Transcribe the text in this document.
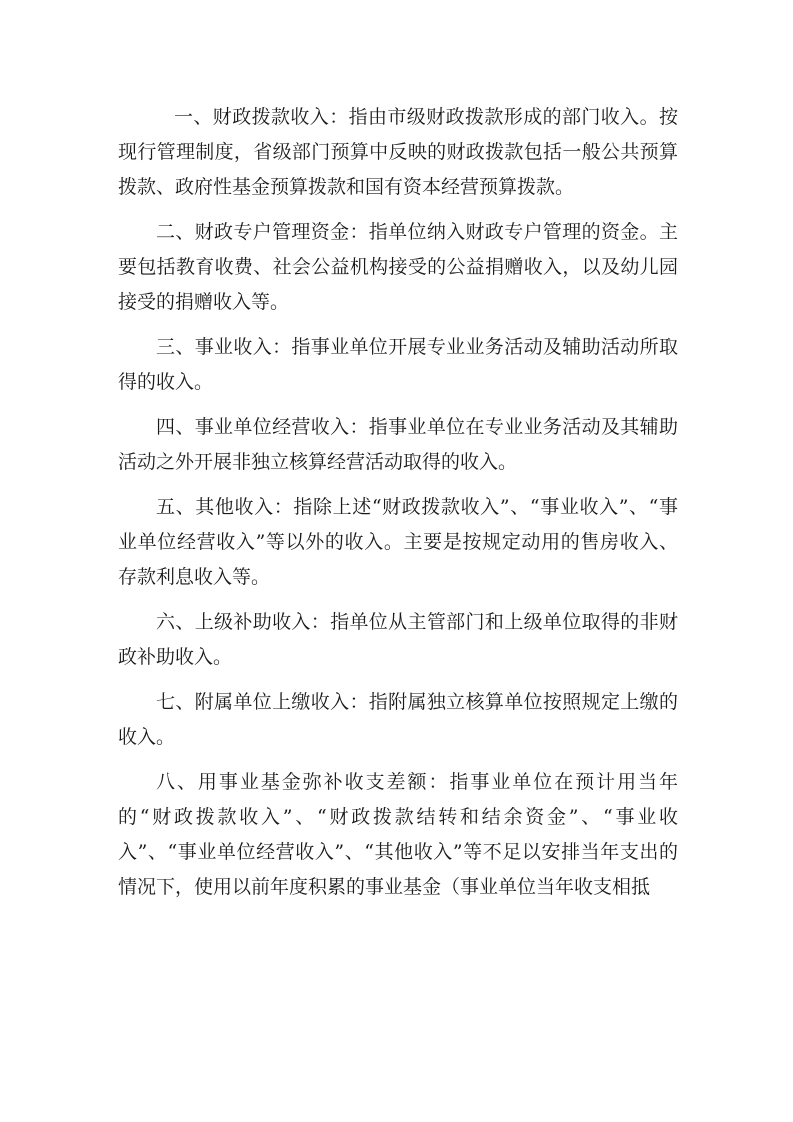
一、财政拨款收入：指由市级财政拨款形成的部门收入。按现行管理制度，省级部门预算中反映的财政拨款包括一般公共预算拨款、政府性基金预算拨款和国有资本经营预算拨款。

二、财政专户管理资金：指单位纳入财政专户管理的资金。主要包括教育收费、社会公益机构接受的公益捐赠收入，以及幼儿园接受的捐赠收入等。

三、事业收入：指事业单位开展专业业务活动及辅助活动所取得的收入。

四、事业单位经营收入：指事业单位在专业业务活动及其辅助活动之外开展非独立核算经营活动取得的收入。

五、其他收入：指除上述“财政拨款收入”、“事业收入”、“事业单位经营收入”等以外的收入。主要是按规定动用的售房收入、存款利息收入等。

六、上级补助收入：指单位从主管部门和上级单位取得的非财政补助收入。

七、附属单位上缴收入：指附属独立核算单位按照规定上缴的收入。

八、用事业基金弥补收支差额：指事业单位在预计用当年的“财政拨款收入”、“财政拨款结转和结余资金”、“事业收入”、“事业单位经营收入”、“其他收入”等不足以安排当年支出的情况下，使用以前年度积累的事业基金（事业单位当年收支相抵
